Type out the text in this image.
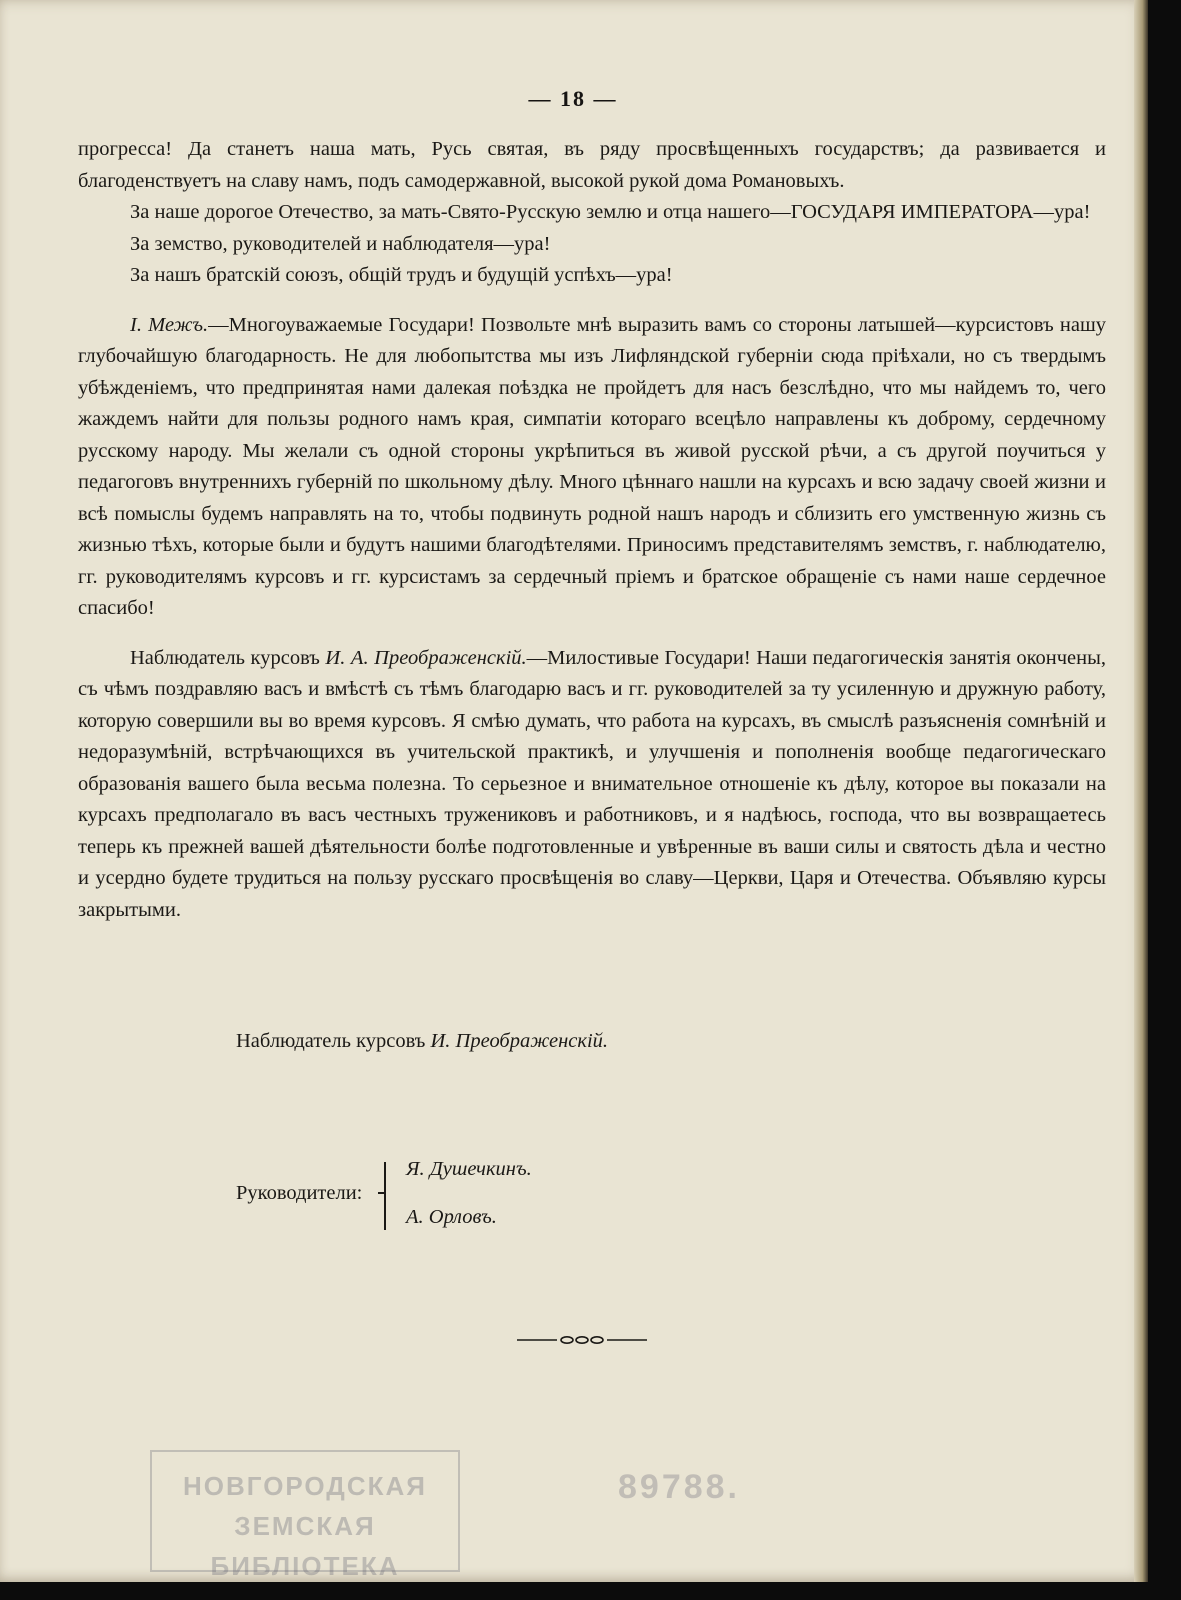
— 18 —

прогресса! Да станетъ наша мать, Русь святая, въ ряду просвѣщенныхъ государствъ; да развивается и благоденствуетъ на славу намъ, подъ самодержавной, высокой рукой дома Романовыхъ.

За наше дорогое Отечество, за мать-Свято-Русскую землю и отца нашего—ГОСУДАРЯ ИМПЕРАТОРА—ура!

За земство, руководителей и наблюдателя—ура!

За нашъ братскій союзъ, общій трудъ и будущій успѣхъ—ура!

I. Межъ.—Многоуважаемые Государи! Позвольте мнѣ выразить вамъ со стороны латышей—курсистовъ нашу глубочайшую благодарность. Не для любопытства мы изъ Лифляндской губерніи сюда пріѣхали, но съ твердымъ убѣжденіемъ, что предпринятая нами далекая поѣздка не пройдетъ для насъ безслѣдно, что мы найдемъ то, чего жаждемъ найти для пользы родного намъ края, симпатіи котораго всецѣло направлены къ доброму, сердечному русскому народу. Мы желали съ одной стороны укрѣпиться въ живой русской рѣчи, а съ другой поучиться у педагоговъ внутреннихъ губерній по школьному дѣлу. Много цѣннаго нашли на курсахъ и всю задачу своей жизни и всѣ помыслы будемъ направлять на то, чтобы подвинуть родной нашъ народъ и сблизить его умственную жизнь съ жизнью тѣхъ, которые были и будутъ нашими благодѣтелями. Приносимъ представителямъ земствъ, г. наблюдателю, гг. руководителямъ курсовъ и гг. курсистамъ за сердечный пріемъ и братское обращеніе съ нами наше сердечное спасибо!

Наблюдатель курсовъ И. А. Преображенскій.—Милостивые Государи! Наши педагогическія занятія окончены, съ чѣмъ поздравляю васъ и вмѣстѣ съ тѣмъ благодарю васъ и гг. руководителей за ту усиленную и дружную работу, которую совершили вы во время курсовъ. Я смѣю думать, что работа на курсахъ, въ смыслѣ разъясненія сомнѣній и недоразумѣній, встрѣчающихся въ учительской практикѣ, и улучшенія и пополненія вообще педагогическаго образованія вашего была весьма полезна. То серьезное и внимательное отношеніе къ дѣлу, которое вы показали на курсахъ предполагало въ васъ честныхъ тружениковъ и работниковъ, и я надѣюсь, господа, что вы возвращаетесь теперь къ прежней вашей дѣятельности болѣе подготовленные и увѣренные въ ваши силы и святость дѣла и честно и усердно будете трудиться на пользу русскаго просвѣщенія во славу—Церкви, Царя и Отечества. Объявляю курсы закрытыми.

Наблюдатель курсовъ И. Преображенскій.
Руководители:
Я. Душечкинъ.
А. Орловъ.
НОВГОРОДСКАЯ
ЗЕМСКАЯ БИБЛІОТЕКА
89788.
